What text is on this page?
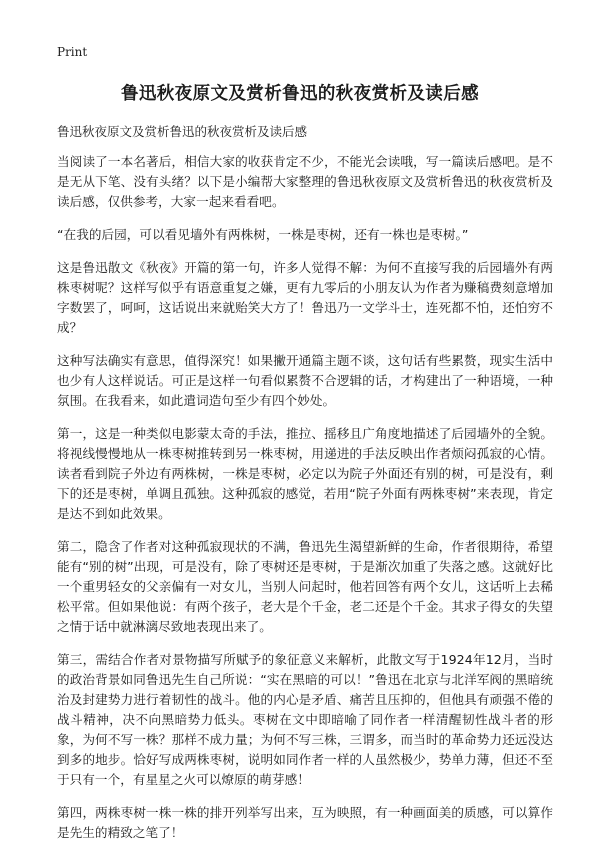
Print
鲁迅秋夜原文及赏析鲁迅的秋夜赏析及读后感

鲁迅秋夜原文及赏析鲁迅的秋夜赏析及读后感

当阅读了一本名著后，相信大家的收获肯定不少，不能光会读哦，写一篇读后感吧。是不是无从下笔、没有头绪？以下是小编帮大家整理的鲁迅秋夜原文及赏析鲁迅的秋夜赏析及读后感，仅供参考，大家一起来看看吧。

“在我的后园，可以看见墙外有两株树，一株是枣树，还有一株也是枣树。”

这是鲁迅散文《秋夜》开篇的第一句，许多人觉得不解：为何不直接写我的后园墙外有两株枣树呢？这样写似乎有语意重复之嫌，更有九零后的小朋友认为作者为赚稿费刻意增加字数罢了，呵呵，这话说出来就贻笑大方了！鲁迅乃一文学斗士，连死都不怕，还怕穷不成？

这种写法确实有意思，值得深究！如果撇开通篇主题不谈，这句话有些累赘，现实生活中也少有人这样说话。可正是这样一句看似累赘不合逻辑的话，才构建出了一种语境，一种氛围。在我看来，如此遣词造句至少有四个妙处。

第一，这是一种类似电影蒙太奇的手法，推拉、摇移且广角度地描述了后园墙外的全貌。将视线慢慢地从一株枣树推转到另一株枣树，用递进的手法反映出作者烦闷孤寂的心情。读者看到院子外边有两株树，一株是枣树，必定以为院子外面还有别的树，可是没有，剩下的还是枣树，单调且孤独。这种孤寂的感觉，若用“院子外面有两株枣树”来表现，肯定是达不到如此效果。

第二，隐含了作者对这种孤寂现状的不满，鲁迅先生渴望新鲜的生命，作者很期待，希望能有“别的树”出现，可是没有，除了枣树还是枣树，于是渐次加重了失落之感。这就好比一个重男轻女的父亲偏有一对女儿，当别人问起时，他若回答有两个女儿，这话听上去稀松平常。但如果他说：有两个孩子，老大是个千金，老二还是个千金。其求子得女的失望之情于话中就淋漓尽致地表现出来了。

第三，需结合作者对景物描写所赋予的象征意义来解析，此散文写于1924年12月，当时的政治背景如同鲁迅先生自己所说：“实在黑暗的可以！”鲁迅在北京与北洋军阀的黑暗统治及封建势力进行着韧性的战斗。他的内心是矛盾、痛苦且压抑的，但他具有顽强不倦的战斗精神，决不向黑暗势力低头。枣树在文中即暗喻了同作者一样清醒韧性战斗者的形象，为何不写一株？那样不成力量；为何不写三株，三谓多，而当时的革命势力还远没达到多的地步。恰好写成两株枣树，说明如同作者一样的人虽然极少，势单力薄，但还不至于只有一个，有星星之火可以燎原的萌芽感！

第四，两株枣树一株一株的排开列举写出来，互为映照，有一种画面美的质感，可以算作是先生的精致之笔了！
